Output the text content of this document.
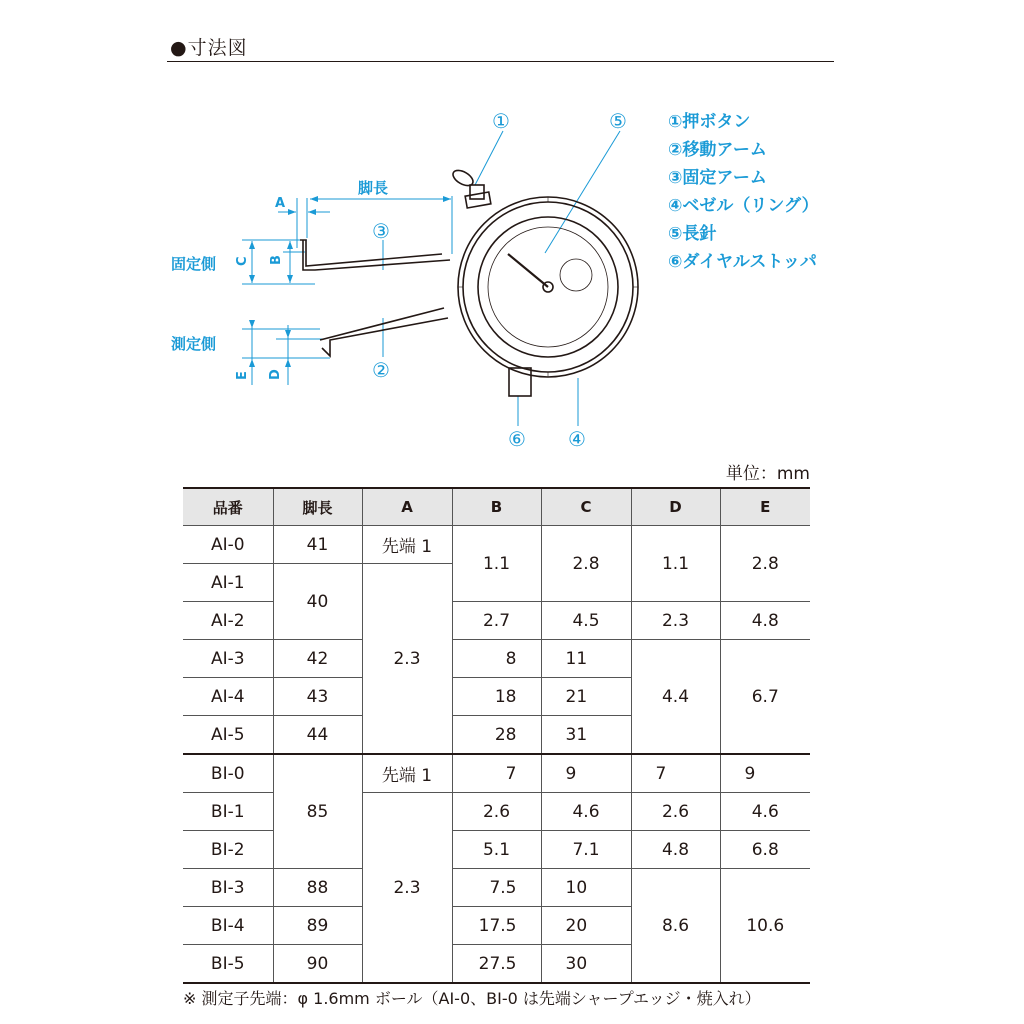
●寸法図
①
②
③
④
⑤
⑥
A
脚長
B
C
D
E
固定側
測定側
①押ボタン
②移動アーム
③固定アーム
④ベゼル（リング）
⑤長針
⑥ダイヤルストッパ
単位：mm
品番	脚長	A	B	C	D	E
AI-0	41	先端 1	1.1	2.8	1.1	2.8
AI-1	40	2.3				
AI-2			2.7	4.5	2.3	4.8
AI-3	42		8	11	4.4	6.7
AI-4	43		18	21		
AI-5	44		28	31		
BI-0	85	先端 1	7	9	7	9
BI-1		2.3	2.6	4.6	2.6	4.6
BI-2			5.1	7.1	4.8	6.8
BI-3	88		7.5	10	8.6	10.6
BI-4	89		17.5	20		
BI-5	90		27.5	30		
※ 測定子先端：φ 1.6mm ボール（AI-0、BI-0 は先端シャープエッジ・焼入れ）
